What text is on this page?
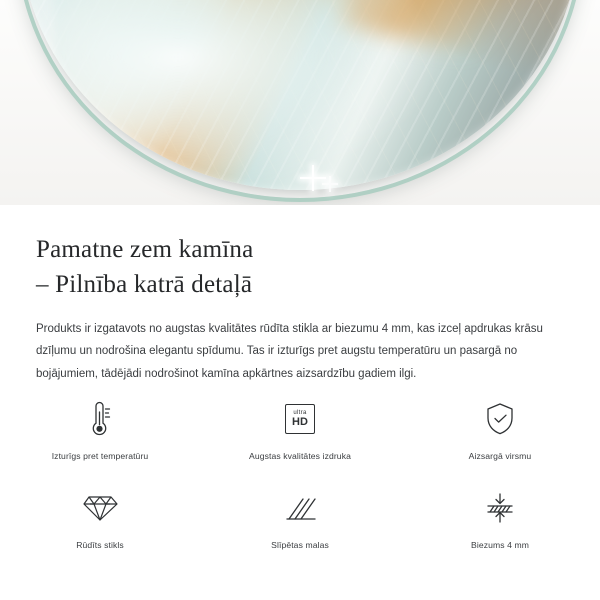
Pamatne zem kamīna
– Pilnība katrā detaļā

Produkts ir izgatavots no augstas kvalitātes rūdīta stikla ar biezumu 4 mm, kas izceļ apdrukas krāsu dzīļumu un nodrošina elegantu spīdumu. Tas ir izturīgs pret augstu temperatūru un pasargā no bojājumiem, tādējādi nodrošinot kamīna apkārtnes aizsardzību gadiem ilgi.

Izturīgs pret temperatūru
ultra
HD
Augstas kvalitātes izdruka	Aizsargā virsmu
Rūdīts stikls	Slīpētas malas	Biezums 4 mm
